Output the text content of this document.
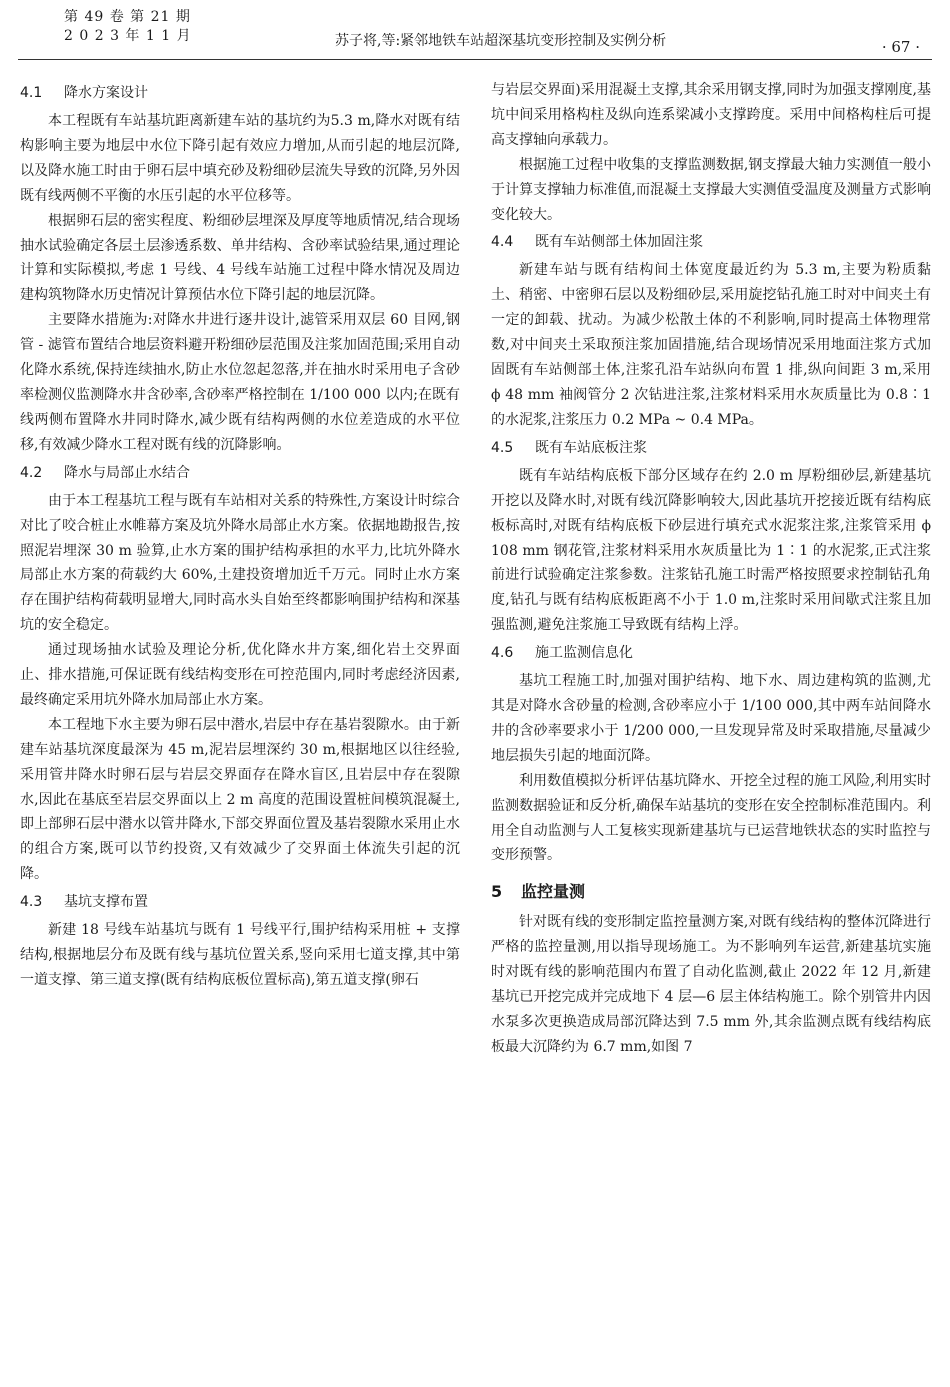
第 49 卷 第 21 期
2 0 2 3 年 1 1 月	苏子将,等:紧邻地铁车站超深基坑变形控制及实例分析	· 67 ·
4.1 降水方案设计

本工程既有车站基坑距离新建车站的基坑约为5.3 m,降水对既有结构影响主要为地层中水位下降引起有效应力增加,从而引起的地层沉降,以及降水施工时由于卵石层中填充砂及粉细砂层流失导致的沉降,另外因既有线两侧不平衡的水压引起的水平位移等。

根据卵石层的密实程度、粉细砂层埋深及厚度等地质情况,结合现场抽水试验确定各层土层渗透系数、单井结构、含砂率试验结果,通过理论计算和实际模拟,考虑 1 号线、4 号线车站施工过程中降水情况及周边建构筑物降水历史情况计算预估水位下降引起的地层沉降。

主要降水措施为:对降水井进行逐井设计,滤管采用双层 60 目网,钢管 - 滤管布置结合地层资料避开粉细砂层范围及注浆加固范围;采用自动化降水系统,保持连续抽水,防止水位忽起忽落,并在抽水时采用电子含砂率检测仪监测降水井含砂率,含砂率严格控制在 1/100 000 以内;在既有线两侧布置降水井同时降水,减少既有结构两侧的水位差造成的水平位移,有效减少降水工程对既有线的沉降影响。

4.2 降水与局部止水结合

由于本工程基坑工程与既有车站相对关系的特殊性,方案设计时综合对比了咬合桩止水帷幕方案及坑外降水局部止水方案。依据地勘报告,按照泥岩埋深 30 m 验算,止水方案的围护结构承担的水平力,比坑外降水局部止水方案的荷载约大 60%,土建投资增加近千万元。同时止水方案存在围护结构荷载明显增大,同时高水头自始至终都影响围护结构和深基坑的安全稳定。

通过现场抽水试验及理论分析,优化降水井方案,细化岩土交界面止、排水措施,可保证既有线结构变形在可控范围内,同时考虑经济因素,最终确定采用坑外降水加局部止水方案。

本工程地下水主要为卵石层中潜水,岩层中存在基岩裂隙水。由于新建车站基坑深度最深为 45 m,泥岩层埋深约 30 m,根据地区以往经验,采用管井降水时卵石层与岩层交界面存在降水盲区,且岩层中存在裂隙水,因此在基底至岩层交界面以上 2 m 高度的范围设置桩间模筑混凝土,即上部卵石层中潜水以管井降水,下部交界面位置及基岩裂隙水采用止水的组合方案,既可以节约投资,又有效减少了交界面土体流失引起的沉降。

4.3 基坑支撑布置

新建 18 号线车站基坑与既有 1 号线平行,围护结构采用桩 + 支撑结构,根据地层分布及既有线与基坑位置关系,竖向采用七道支撑,其中第一道支撑、第三道支撑(既有结构底板位置标高),第五道支撑(卵石

与岩层交界面)采用混凝土支撑,其余采用钢支撑,同时为加强支撑刚度,基坑中间采用格构柱及纵向连系梁减小支撑跨度。采用中间格构柱后可提高支撑轴向承载力。

根据施工过程中收集的支撑监测数据,钢支撑最大轴力实测值一般小于计算支撑轴力标准值,而混凝土支撑最大实测值受温度及测量方式影响变化较大。

4.4 既有车站侧部土体加固注浆

新建车站与既有结构间土体宽度最近约为 5.3 m,主要为粉质黏土、稍密、中密卵石层以及粉细砂层,采用旋挖钻孔施工时对中间夹土有一定的卸载、扰动。为减少松散土体的不利影响,同时提高土体物理常数,对中间夹土采取预注浆加固措施,结合现场情况采用地面注浆方式加固既有车站侧部土体,注浆孔沿车站纵向布置 1 排,纵向间距 3 m,采用 ϕ 48 mm 袖阀管分 2 次钻进注浆,注浆材料采用水灰质量比为 0.8∶1 的水泥浆,注浆压力 0.2 MPa ~ 0.4 MPa。

4.5 既有车站底板注浆

既有车站结构底板下部分区域存在约 2.0 m 厚粉细砂层,新建基坑开挖以及降水时,对既有线沉降影响较大,因此基坑开挖接近既有结构底板标高时,对既有结构底板下砂层进行填充式水泥浆注浆,注浆管采用 ϕ 108 mm 钢花管,注浆材料采用水灰质量比为 1∶1 的水泥浆,正式注浆前进行试验确定注浆参数。注浆钻孔施工时需严格按照要求控制钻孔角度,钻孔与既有结构底板距离不小于 1.0 m,注浆时采用间歇式注浆且加强监测,避免注浆施工导致既有结构上浮。

4.6 施工监测信息化

基坑工程施工时,加强对围护结构、地下水、周边建构筑的监测,尤其是对降水含砂量的检测,含砂率应小于 1/100 000,其中两车站间降水井的含砂率要求小于 1/200 000,一旦发现异常及时采取措施,尽量减少地层损失引起的地面沉降。

利用数值模拟分析评估基坑降水、开挖全过程的施工风险,利用实时监测数据验证和反分析,确保车站基坑的变形在安全控制标准范围内。利用全自动监测与人工复核实现新建基坑与已运营地铁状态的实时监控与变形预警。

5 监控量测

针对既有线的变形制定监控量测方案,对既有线结构的整体沉降进行严格的监控量测,用以指导现场施工。为不影响列车运营,新建基坑实施时对既有线的影响范围内布置了自动化监测,截止 2022 年 12 月,新建基坑已开挖完成并完成地下 4 层—6 层主体结构施工。除个别管井内因水泵多次更换造成局部沉降达到 7.5 mm 外,其余监测点既有线结构底板最大沉降约为 6.7 mm,如图 7
